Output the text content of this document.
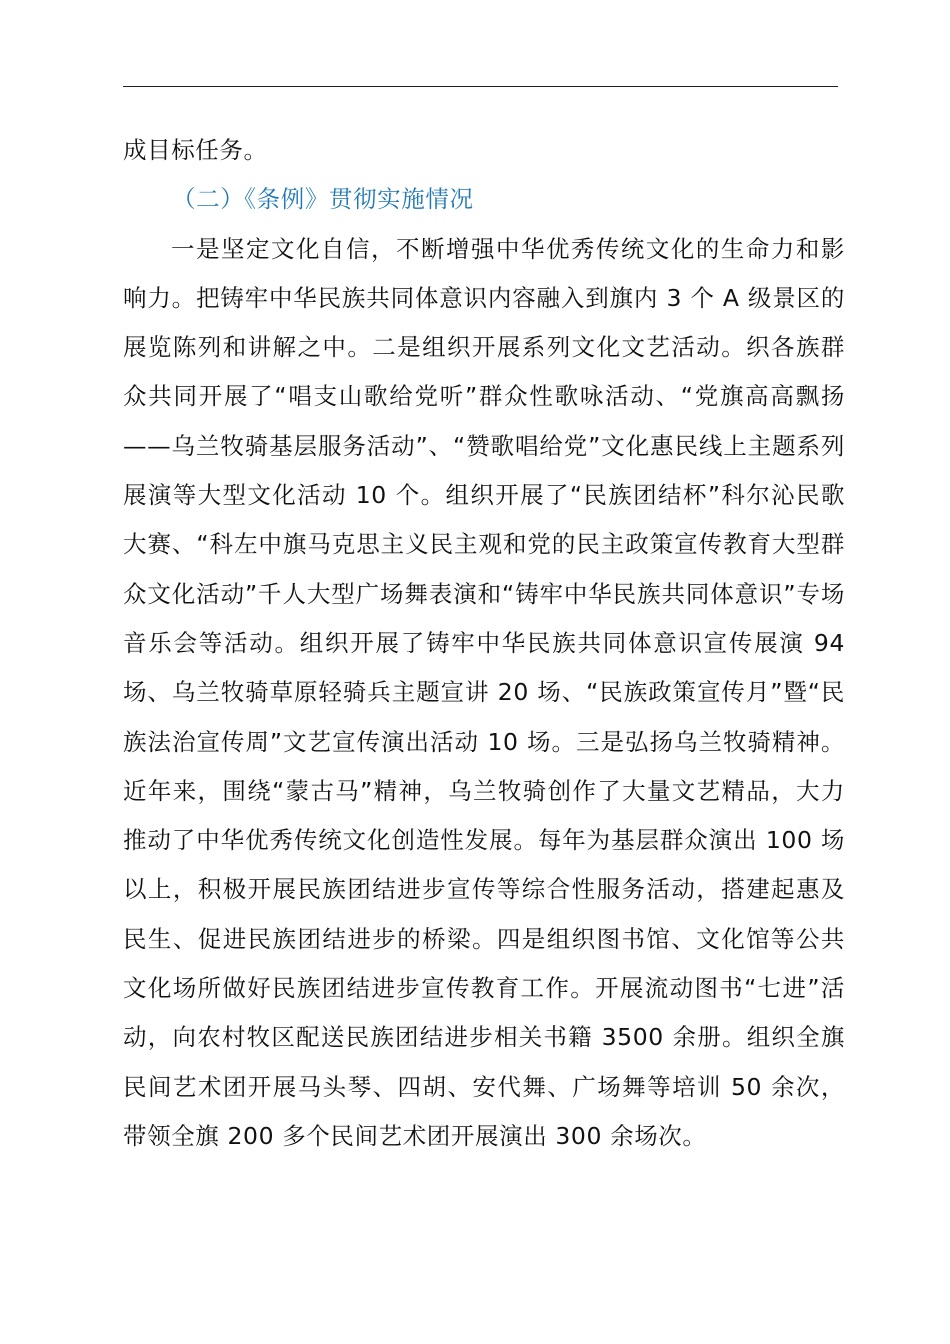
成目标任务。

（二）《条例》贯彻实施情况

一是坚定文化自信，不断增强中华优秀传统文化的生命力和影响力。把铸牢中华民族共同体意识内容融入到旗内 3 个 A 级景区的展览陈列和讲解之中。二是组织开展系列文化文艺活动。织各族群众共同开展了“唱支山歌给党听”群众性歌咏活动、“党旗高高飘扬——乌兰牧骑基层服务活动”、“赞歌唱给党”文化惠民线上主题系列展演等大型文化活动 10 个。组织开展了“民族团结杯”科尔沁民歌大赛、“科左中旗马克思主义民主观和党的民主政策宣传教育大型群众文化活动”千人大型广场舞表演和“铸牢中华民族共同体意识”专场音乐会等活动。组织开展了铸牢中华民族共同体意识宣传展演 94 场、乌兰牧骑草原轻骑兵主题宣讲 20 场、“民族政策宣传月”暨“民族法治宣传周”文艺宣传演出活动 10 场。三是弘扬乌兰牧骑精神。近年来，围绕“蒙古马”精神，乌兰牧骑创作了大量文艺精品，大力推动了中华优秀传统文化创造性发展。每年为基层群众演出 100 场以上，积极开展民族团结进步宣传等综合性服务活动，搭建起惠及民生、促进民族团结进步的桥梁。四是组织图书馆、文化馆等公共文化场所做好民族团结进步宣传教育工作。开展流动图书“七进”活动，向农村牧区配送民族团结进步相关书籍 3500 余册。组织全旗民间艺术团开展马头琴、四胡、安代舞、广场舞等培训 50 余次，带领全旗 200 多个民间艺术团开展演出 300 余场次。
